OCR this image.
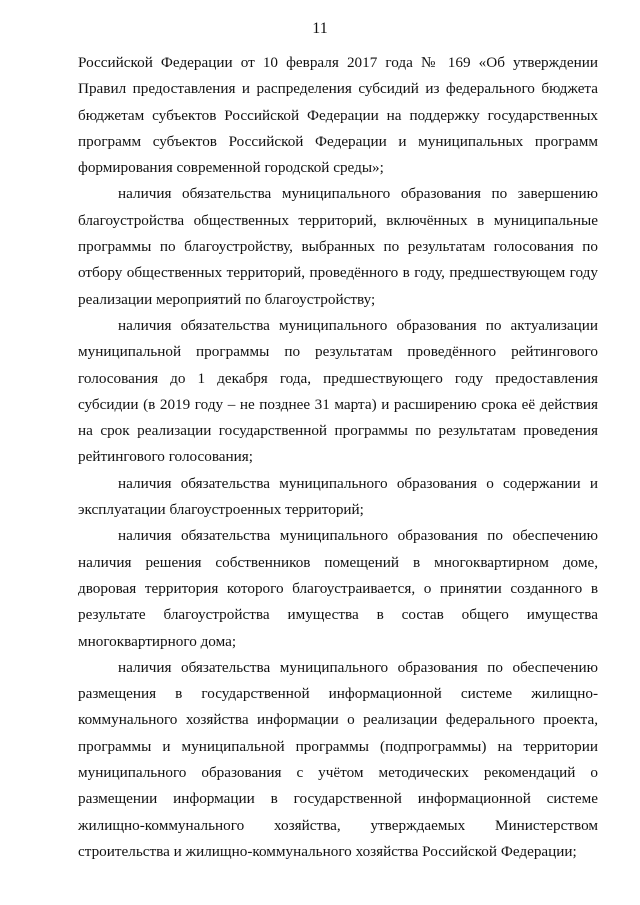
11

Российской Федерации от 10 февраля 2017 года № 169 «Об утверждении Правил предоставления и распределения субсидий из федерального бюджета бюджетам субъектов Российской Федерации на поддержку государственных программ субъектов Российской Федерации и муниципальных программ формирования современной городской среды»;

наличия обязательства муниципального образования по завершению благоустройства общественных территорий, включённых в муниципальные программы по благоустройству, выбранных по результатам голосования по отбору общественных территорий, проведённого в году, предшествующем году реализации мероприятий по благоустройству;

наличия обязательства муниципального образования по актуализации муниципальной программы по результатам проведённого рейтингового голосования до 1 декабря года, предшествующего году предоставления субсидии (в 2019 году – не позднее 31 марта) и расширению срока её действия на срок реализации государственной программы по результатам проведения рейтингового голосования;

наличия обязательства муниципального образования о содержании и эксплуатации благоустроенных территорий;

наличия обязательства муниципального образования по обеспечению наличия решения собственников помещений в многоквартирном доме, дворовая территория которого благоустраивается, о принятии созданного в результате благоустройства имущества в состав общего имущества многоквартирного дома;

наличия обязательства муниципального образования по обеспечению размещения в государственной информационной системе жилищно-коммунального хозяйства информации о реализации федерального проекта, программы и муниципальной программы (подпрограммы) на территории муниципального образования с учётом методических рекомендаций о размещении информации в государственной информационной системе жилищно-коммунального хозяйства, утверждаемых Министерством строительства и жилищно-коммунального хозяйства Российской Федерации;
